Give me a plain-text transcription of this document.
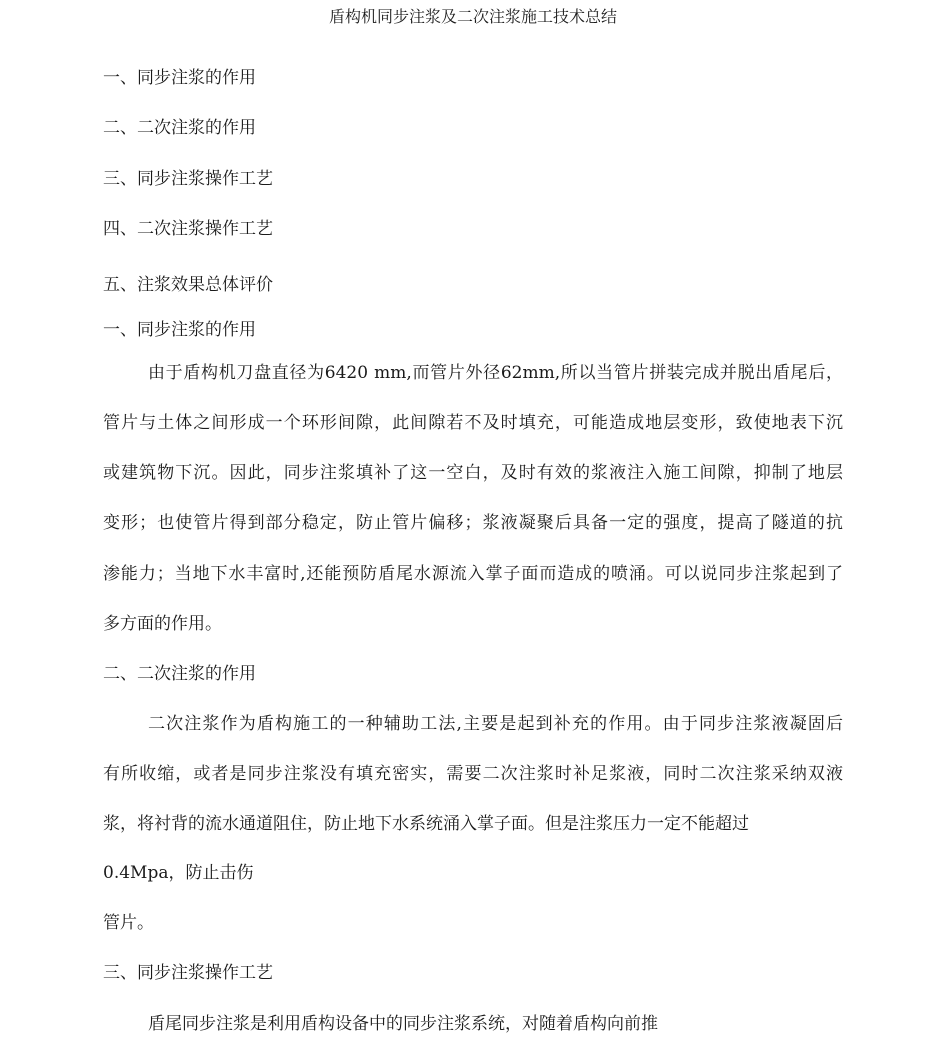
盾构机同步注浆及二次注浆施工技术总结
一、同步注浆的作用
二、二次注浆的作用
三、同步注浆操作工艺
四、二次注浆操作工艺
五、注浆效果总体评价
一、同步注浆的作用
由于盾构机刀盘直径为6420 mm,而管片外径62mm,所以当管片拼装完成并脱出盾尾后，
管片与土体之间形成一个环形间隙，此间隙若不及时填充，可能造成地层变形，致使地表下沉
或建筑物下沉。因此，同步注浆填补了这一空白，及时有效的浆液注入施工间隙，抑制了地层
变形；也使管片得到部分稳定，防止管片偏移；浆液凝聚后具备一定的强度，提高了隧道的抗
渗能力；当地下水丰富时,还能预防盾尾水源流入掌子面而造成的喷涌。可以说同步注浆起到了
多方面的作用。
二、二次注浆的作用
二次注浆作为盾构施工的一种辅助工法,主要是起到补充的作用。由于同步注浆液凝固后
有所收缩，或者是同步注浆没有填充密实，需要二次注浆时补足浆液，同时二次注浆采纳双液
浆，将衬背的流水通道阻住，防止地下水系统涌入掌子面。但是注浆压力一定不能超过
0.4Mpa，防止击伤
管片。
三、同步注浆操作工艺
盾尾同步注浆是利用盾构设备中的同步注浆系统，对随着盾构向前推
